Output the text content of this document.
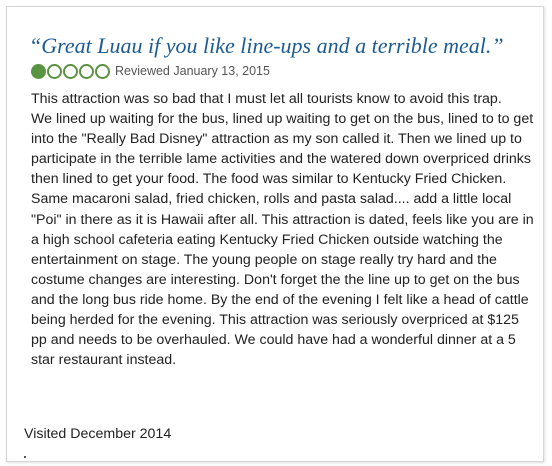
“Great Luau if you like line-ups and a terrible meal.”
Reviewed January 13, 2015

This attraction was so bad that I must let all tourists know to avoid this trap.

We lined up waiting for the bus, lined up waiting to get on the bus, lined to to get into the "Really Bad Disney" attraction as my son called it. Then we lined up to participate in the terrible lame activities and the watered down overpriced drinks then lined to get your food. The food was similar to Kentucky Fried Chicken. Same macaroni salad, fried chicken, rolls and pasta salad.... add a little local "Poi" in there as it is Hawaii after all. This attraction is dated, feels like you are in a high school cafeteria eating Kentucky Fried Chicken outside watching the entertainment on stage. The young people on stage really try hard and the costume changes are interesting. Don't forget the the line up to get on the bus and the long bus ride home. By the end of the evening I felt like a head of cattle being herded for the evening. This attraction was seriously overpriced at $125 pp and needs to be overhauled. We could have had a wonderful dinner at a 5 star restaurant instead.

Visited December 2014
